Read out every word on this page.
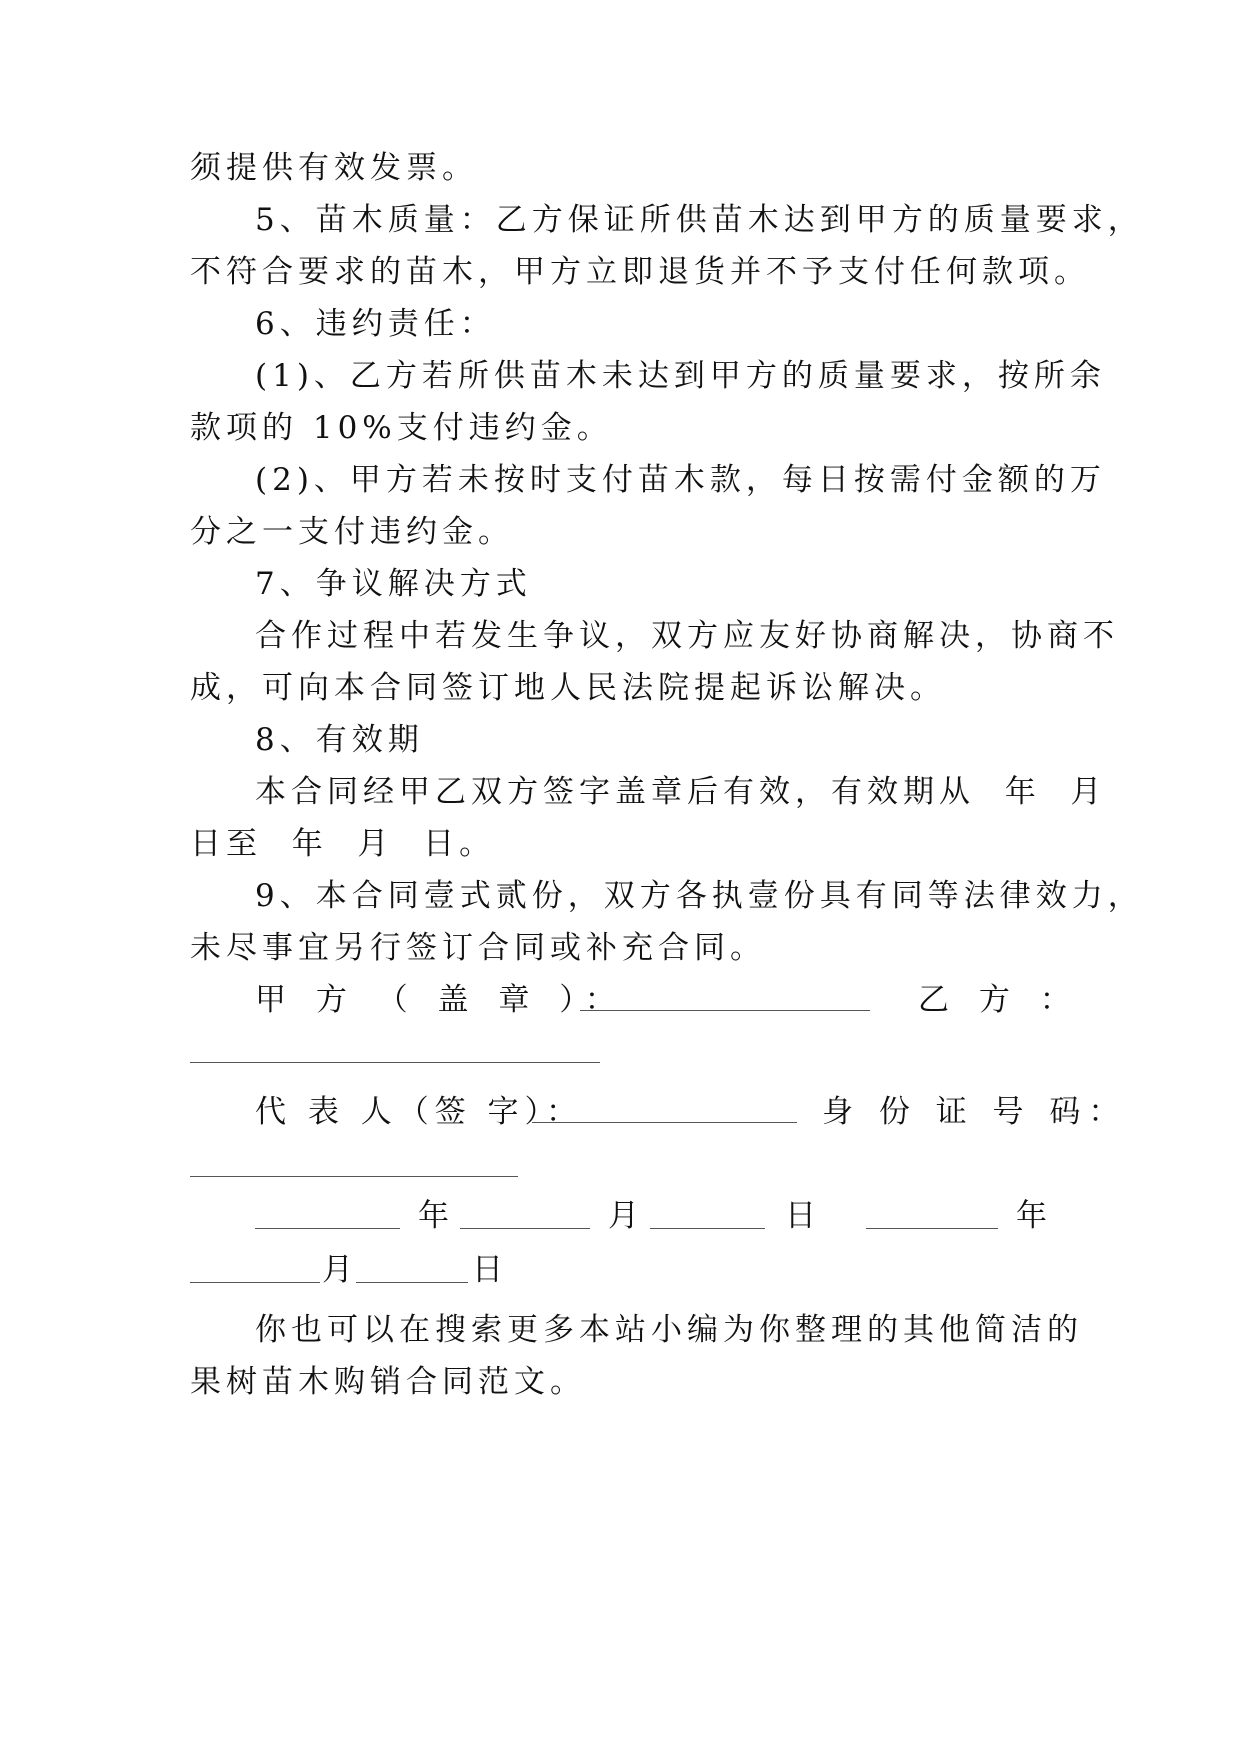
须提供有效发票。
5、苗木质量：乙方保证所供苗木达到甲方的质量要求，
不符合要求的苗木，甲方立即退货并不予支付任何款项。
6、违约责任：
(1)、乙方若所供苗木未达到甲方的质量要求，按所余
款项的 10%支付违约金。
(2)、甲方若未按时支付苗木款，每日按需付金额的万
分之一支付违约金。
7、争议解决方式
合作过程中若发生争议，双方应友好协商解决，协商不
成，可向本合同签订地人民法院提起诉讼解决。
8、有效期
本合同经甲乙双方签字盖章后有效，有效期从  年  月
日至  年  月  日。
9、本合同壹式贰份，双方各执壹份具有同等法律效力，
未尽事宜另行签订合同或补充合同。
甲 方 （ 盖 章 ）：	乙 方 ：
代 表 人（签 字）：	身 份 证 号 码：
年	月	日	年
月	日
你也可以在搜索更多本站小编为你整理的其他简洁的
果树苗木购销合同范文。
